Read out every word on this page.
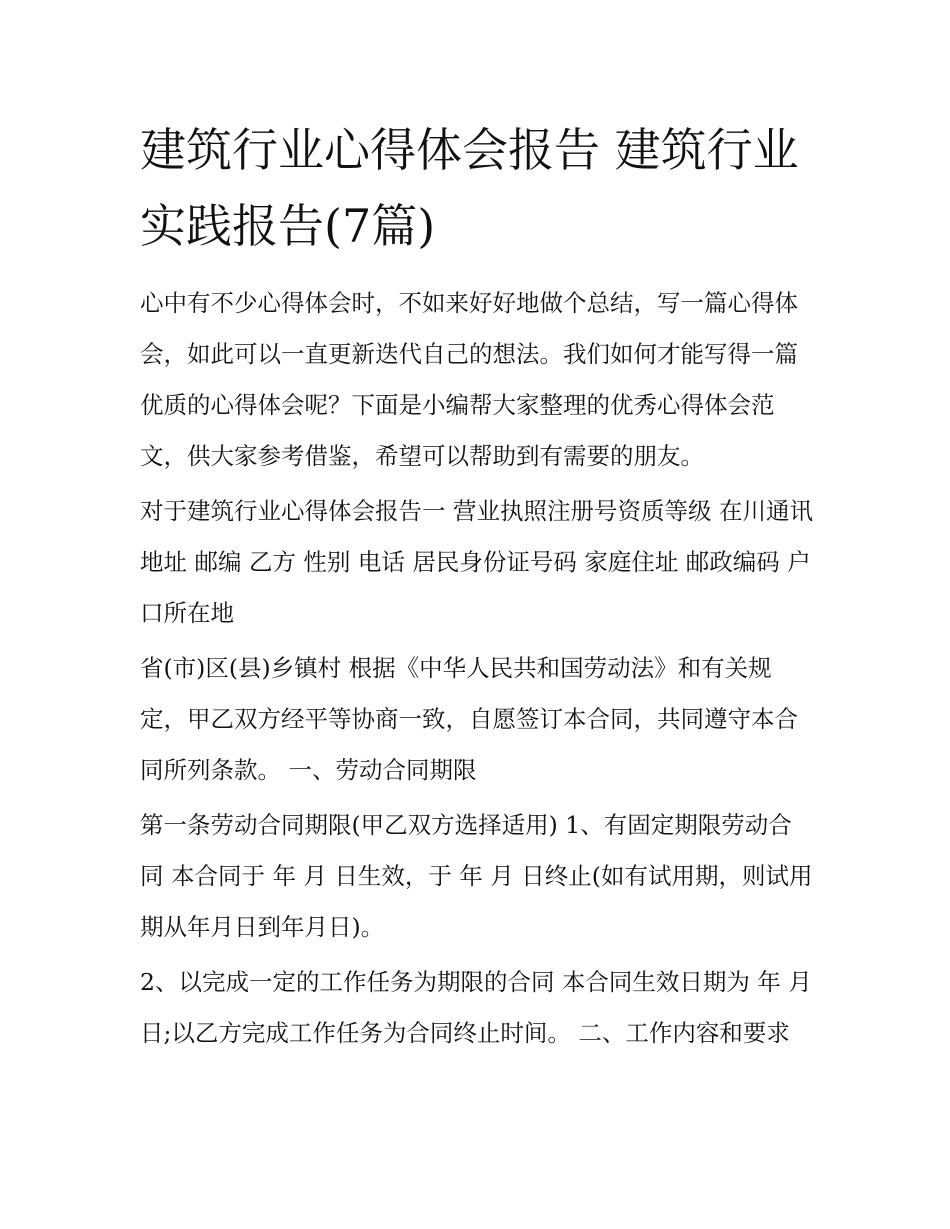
建筑行业心得体会报告 建筑行业实践报告(7篇)

心中有不少心得体会时，不如来好好地做个总结，写一篇心得体会，如此可以一直更新迭代自己的想法。我们如何才能写得一篇优质的心得体会呢？下面是小编帮大家整理的优秀心得体会范文，供大家参考借鉴，希望可以帮助到有需要的朋友。

对于建筑行业心得体会报告一 营业执照注册号资质等级 在川通讯地址 邮编 乙方 性别 电话 居民身份证号码 家庭住址 邮政编码 户口所在地

省(市)区(县)乡镇村 根据《中华人民共和国劳动法》和有关规定，甲乙双方经平等协商一致，自愿签订本合同，共同遵守本合同所列条款。 一、劳动合同期限

第一条劳动合同期限(甲乙双方选择适用) 1、有固定期限劳动合同 本合同于 年 月 日生效，于 年 月 日终止(如有试用期，则试用期从年月日到年月日)。

2、以完成一定的工作任务为期限的合同 本合同生效日期为 年 月 日;以乙方完成工作任务为合同终止时间。 二、工作内容和要求
